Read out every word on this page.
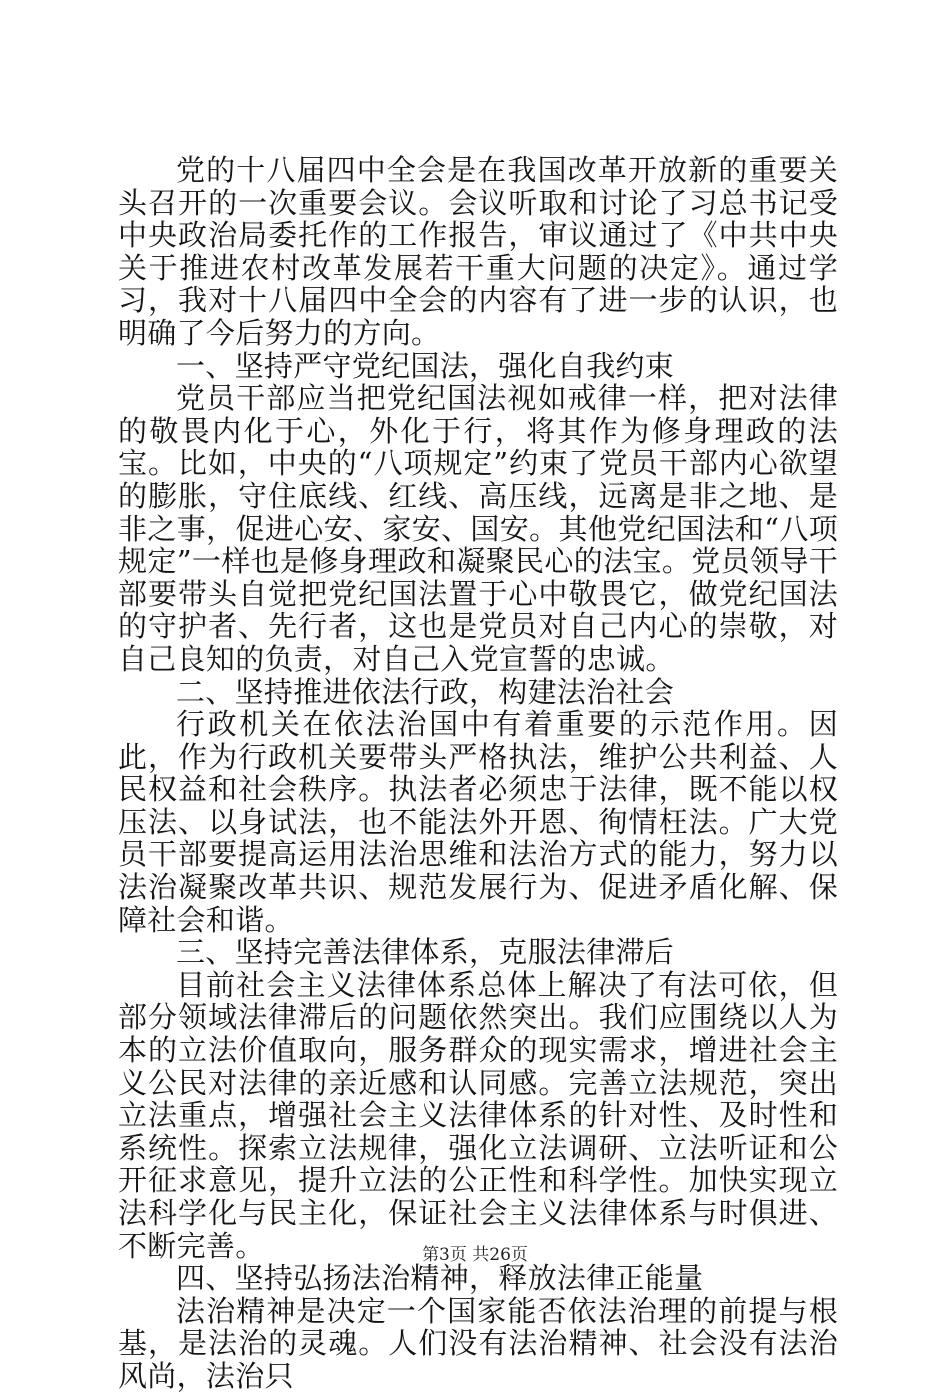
党的十八届四中全会是在我国改革开放新的重要关头召开的一次重要会议。会议听取和讨论了习总书记受中央政治局委托作的工作报告，审议通过了《中共中央关于推进农村改革发展若干重大问题的决定》。通过学习，我对十八届四中全会的内容有了进一步的认识，也明确了今后努力的方向。

一、坚持严守党纪国法，强化自我约束

党员干部应当把党纪国法视如戒律一样，把对法律的敬畏内化于心，外化于行，将其作为修身理政的法宝。比如，中央的“八项规定”约束了党员干部内心欲望的膨胀，守住底线、红线、高压线，远离是非之地、是非之事，促进心安、家安、国安。其他党纪国法和“八项规定”一样也是修身理政和凝聚民心的法宝。党员领导干部要带头自觉把党纪国法置于心中敬畏它，做党纪国法的守护者、先行者，这也是党员对自己内心的崇敬，对自己良知的负责，对自己入党宣誓的忠诚。

二、坚持推进依法行政，构建法治社会

行政机关在依法治国中有着重要的示范作用。因此，作为行政机关要带头严格执法，维护公共利益、人民权益和社会秩序。执法者必须忠于法律，既不能以权压法、以身试法，也不能法外开恩、徇情枉法。广大党员干部要提高运用法治思维和法治方式的能力，努力以法治凝聚改革共识、规范发展行为、促进矛盾化解、保障社会和谐。

三、坚持完善法律体系，克服法律滞后

目前社会主义法律体系总体上解决了有法可依，但部分领域法律滞后的问题依然突出。我们应围绕以人为本的立法价值取向，服务群众的现实需求，增进社会主义公民对法律的亲近感和认同感。完善立法规范，突出立法重点，增强社会主义法律体系的针对性、及时性和系统性。探索立法规律，强化立法调研、立法听证和公开征求意见，提升立法的公正性和科学性。加快实现立法科学化与民主化，保证社会主义法律体系与时俱进、不断完善。

四、坚持弘扬法治精神，释放法律正能量

法治精神是决定一个国家能否依法治理的前提与根基，是法治的灵魂。人们没有法治精神、社会没有法治风尚，法治只

第3页 共26页
